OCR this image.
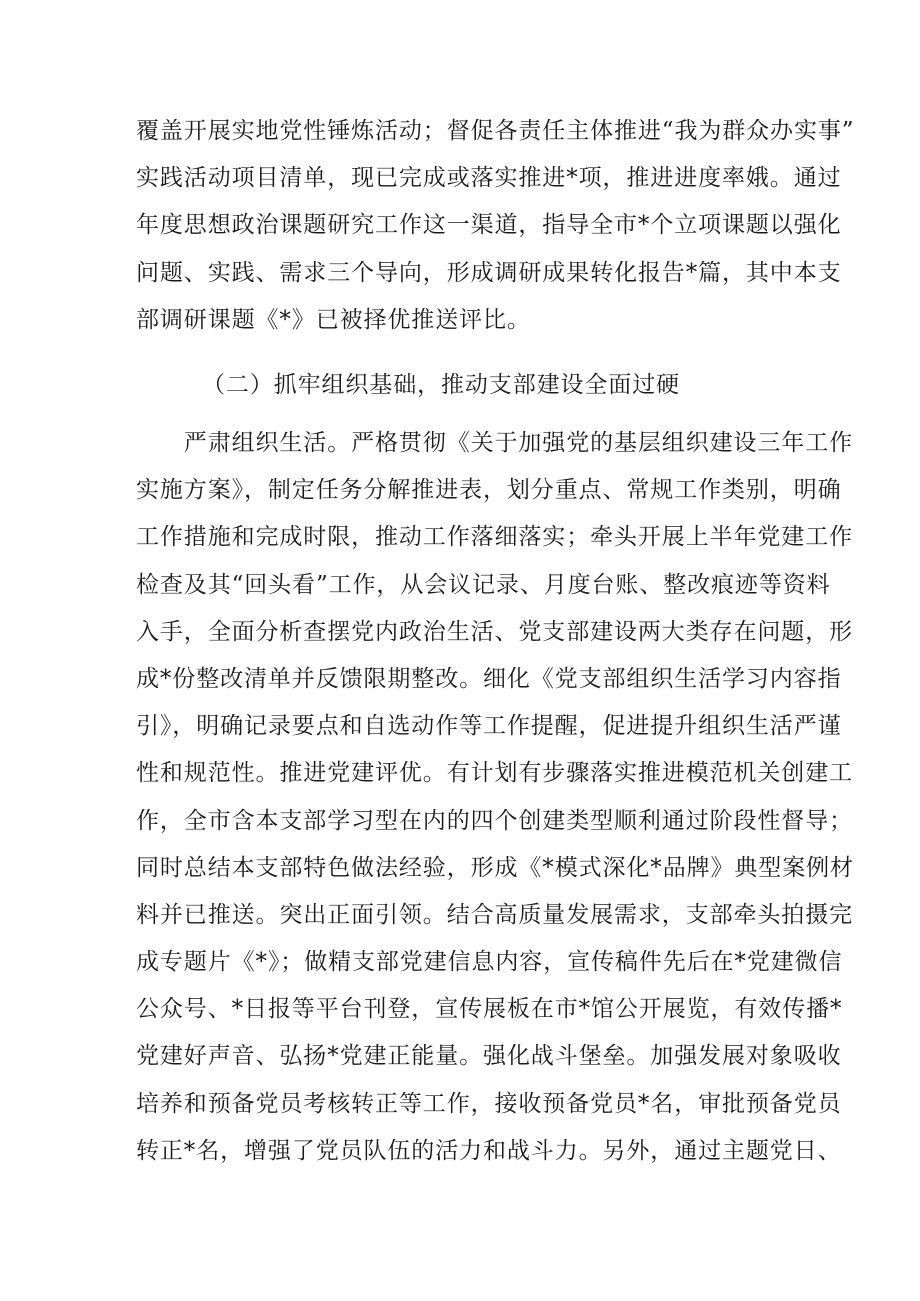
覆盖开展实地党性锤炼活动；督促各责任主体推进“我为群众办实事”
实践活动项目清单，现已完成或落实推进*项，推进进度率娥。通过
年度思想政治课题研究工作这一渠道，指导全市*个立项课题以强化
问题、实践、需求三个导向，形成调研成果转化报告*篇，其中本支
部调研课题《*》已被择优推送评比。
（二）抓牢组织基础，推动支部建设全面过硬
　　严肃组织生活。严格贯彻《关于加强党的基层组织建设三年工作
实施方案》，制定任务分解推进表，划分重点、常规工作类别，明确
工作措施和完成时限，推动工作落细落实；牵头开展上半年党建工作
检查及其“回头看”工作，从会议记录、月度台账、整改痕迹等资料
入手，全面分析查摆党内政治生活、党支部建设两大类存在问题，形
成*份整改清单并反馈限期整改。细化《党支部组织生活学习内容指
引》，明确记录要点和自选动作等工作提醒，促进提升组织生活严谨
性和规范性。推进党建评优。有计划有步骤落实推进模范机关创建工
作，全市含本支部学习型在内的四个创建类型顺利通过阶段性督导；
同时总结本支部特色做法经验，形成《*模式深化*品牌》典型案例材
料并已推送。突出正面引领。结合高质量发展需求，支部牵头拍摄完
成专题片《*》；做精支部党建信息内容，宣传稿件先后在*党建微信
公众号、*日报等平台刊登，宣传展板在市*馆公开展览，有效传播*
党建好声音、弘扬*党建正能量。强化战斗堡垒。加强发展对象吸收
培养和预备党员考核转正等工作，接收预备党员*名，审批预备党员
转正*名，增强了党员队伍的活力和战斗力。另外，通过主题党日、
